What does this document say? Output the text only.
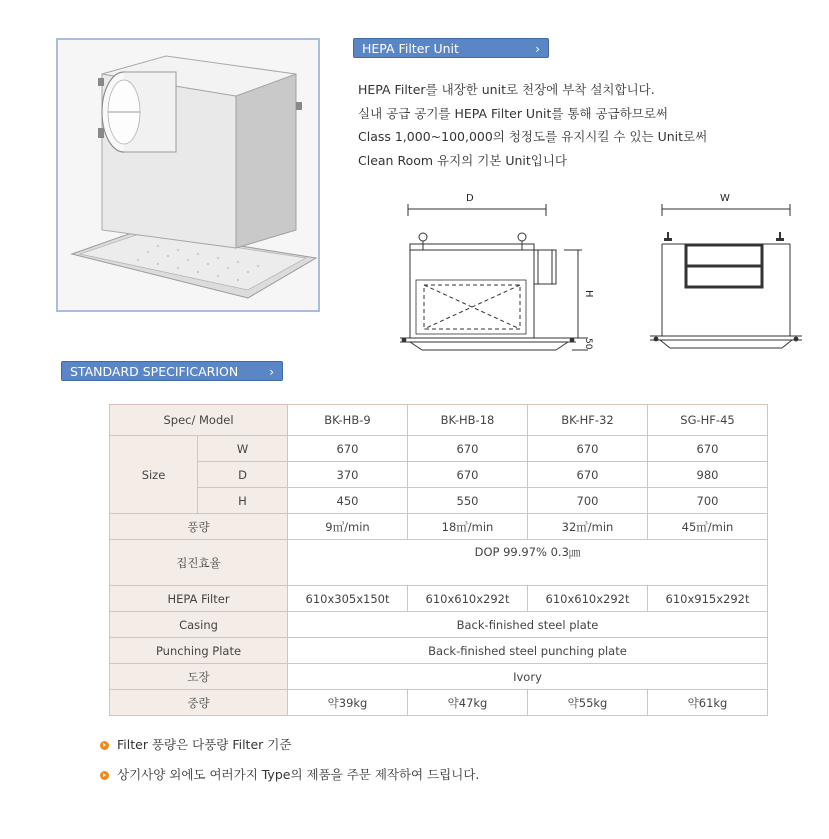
HEPA Filter Unit	›
HEPA Filter를 내장한 unit로 천장에 부착 설치합니다.
실내 공급 공기를 HEPA Filter Unit를 통해 공급하므로써
Class 1,000~100,000의 청정도를 유지시킬 수 있는 Unit로써
Clean Room 유지의 기본 Unit입니다
D
H
50
W
STANDARD SPECIFICARION	›
Spec/ Model		BK-HB-9	BK-HB-18	BK-HF-32	SG-HF-45
Size	W	670	670	670	670
	D	370	670	670	980
	H	450	550	700	700
풍량		9㎥/min	18㎥/min	32㎥/min	45㎥/min
집진효율		DOP 99.97% 0.3㎛			
HEPA Filter		610x305x150t	610x610x292t	610x610x292t	610x915x292t
Casing		Back-finished steel plate			
Punching Plate		Back-finished steel punching plate			
도장		Ivory			
중량		약39kg	약47kg	약55kg	약61kg
Filter 풍량은 다풍량 Filter 기준
상기사양 외에도 여러가지 Type의 제품을 주문 제작하여 드립니다.
